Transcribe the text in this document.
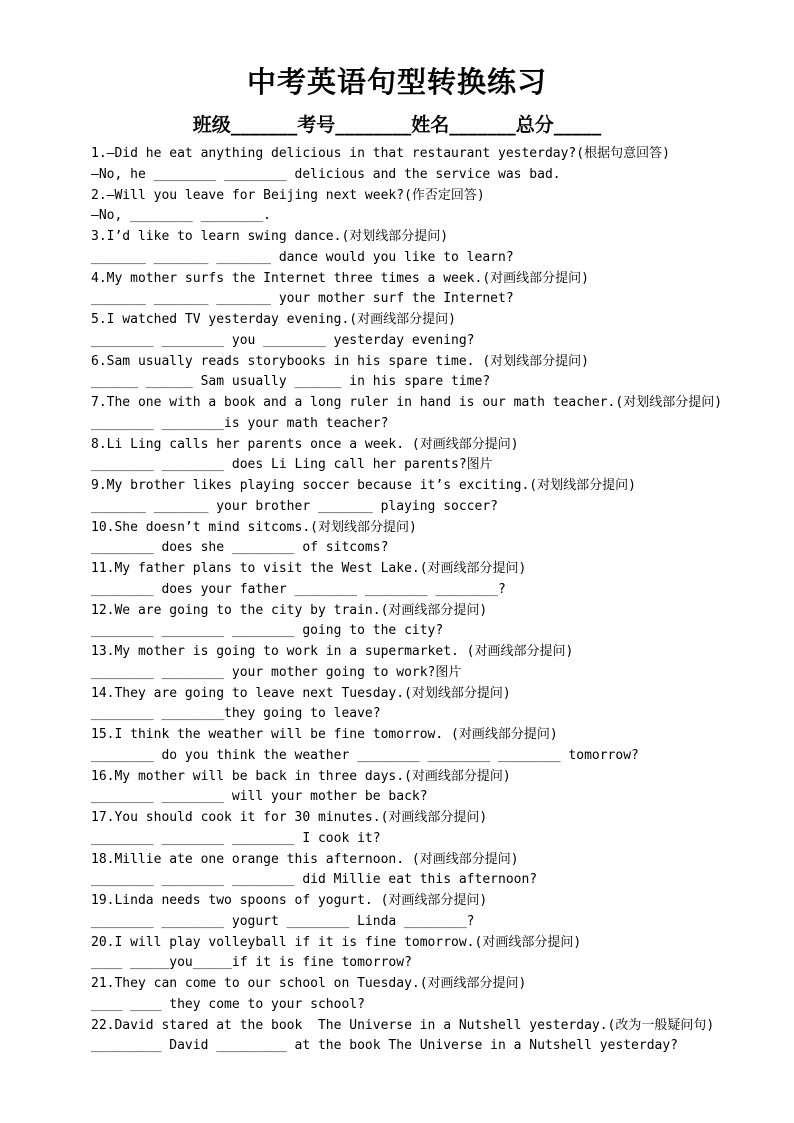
中考英语句型转换练习
班级_______考号________姓名_______总分_____
1.—Did he eat anything delicious in that restaurant yesterday?(根据句意回答)
—No, he ________ ________ delicious and the service was bad.
2.—Will you leave for Beijing next week?(作否定回答)
—No, ________ ________.
3.I’d like to learn swing dance.(对划线部分提问)
_______ _______ _______ dance would you like to learn?
4.My mother surfs the Internet three times a week.(对画线部分提问)
_______ _______ _______ your mother surf the Internet?
5.I watched TV yesterday evening.(对画线部分提问)
________ ________ you ________ yesterday evening?
6.Sam usually reads storybooks in his spare time. (对划线部分提问)
______ ______ Sam usually ______ in his spare time?
7.The one with a book and a long ruler in hand is our math teacher.(对划线部分提问)
________ ________is your math teacher?
8.Li Ling calls her parents once a week. (对画线部分提问)
________ ________ does Li Ling call her parents?图片
9.My brother likes playing soccer because it’s exciting.(对划线部分提问)
_______ _______ your brother _______ playing soccer?
10.She doesn’t mind sitcoms.(对划线部分提问)
________ does she ________ of sitcoms?
11.My father plans to visit the West Lake.(对画线部分提问)
________ does your father ________ ________ ________?
12.We are going to the city by train.(对画线部分提问)
________ ________ ________ going to the city?
13.My mother is going to work in a supermarket. (对画线部分提问)
________ ________ your mother going to work?图片
14.They are going to leave next Tuesday.(对划线部分提问)
________ ________they going to leave?
15.I think the weather will be fine tomorrow. (对画线部分提问)
________ do you think the weather ________ ________ ________ tomorrow?
16.My mother will be back in three days.(对画线部分提问)
________ ________ will your mother be back?
17.You should cook it for 30 minutes.(对画线部分提问)
________ ________ ________ I cook it?
18.Millie ate one orange this afternoon. (对画线部分提问)
________ ________ ________ did Millie eat this afternoon?
19.Linda needs two spoons of yogurt. (对画线部分提问)
________ ________ yogurt ________ Linda ________?
20.I will play volleyball if it is fine tomorrow.(对画线部分提问)
____ _____you_____if it is fine tomorrow?
21.They can come to our school on Tuesday.(对画线部分提问)
____ ____ they come to your school?
22.David stared at the book  The Universe in a Nutshell yesterday.(改为一般疑问句)
_________ David _________ at the book The Universe in a Nutshell yesterday?
